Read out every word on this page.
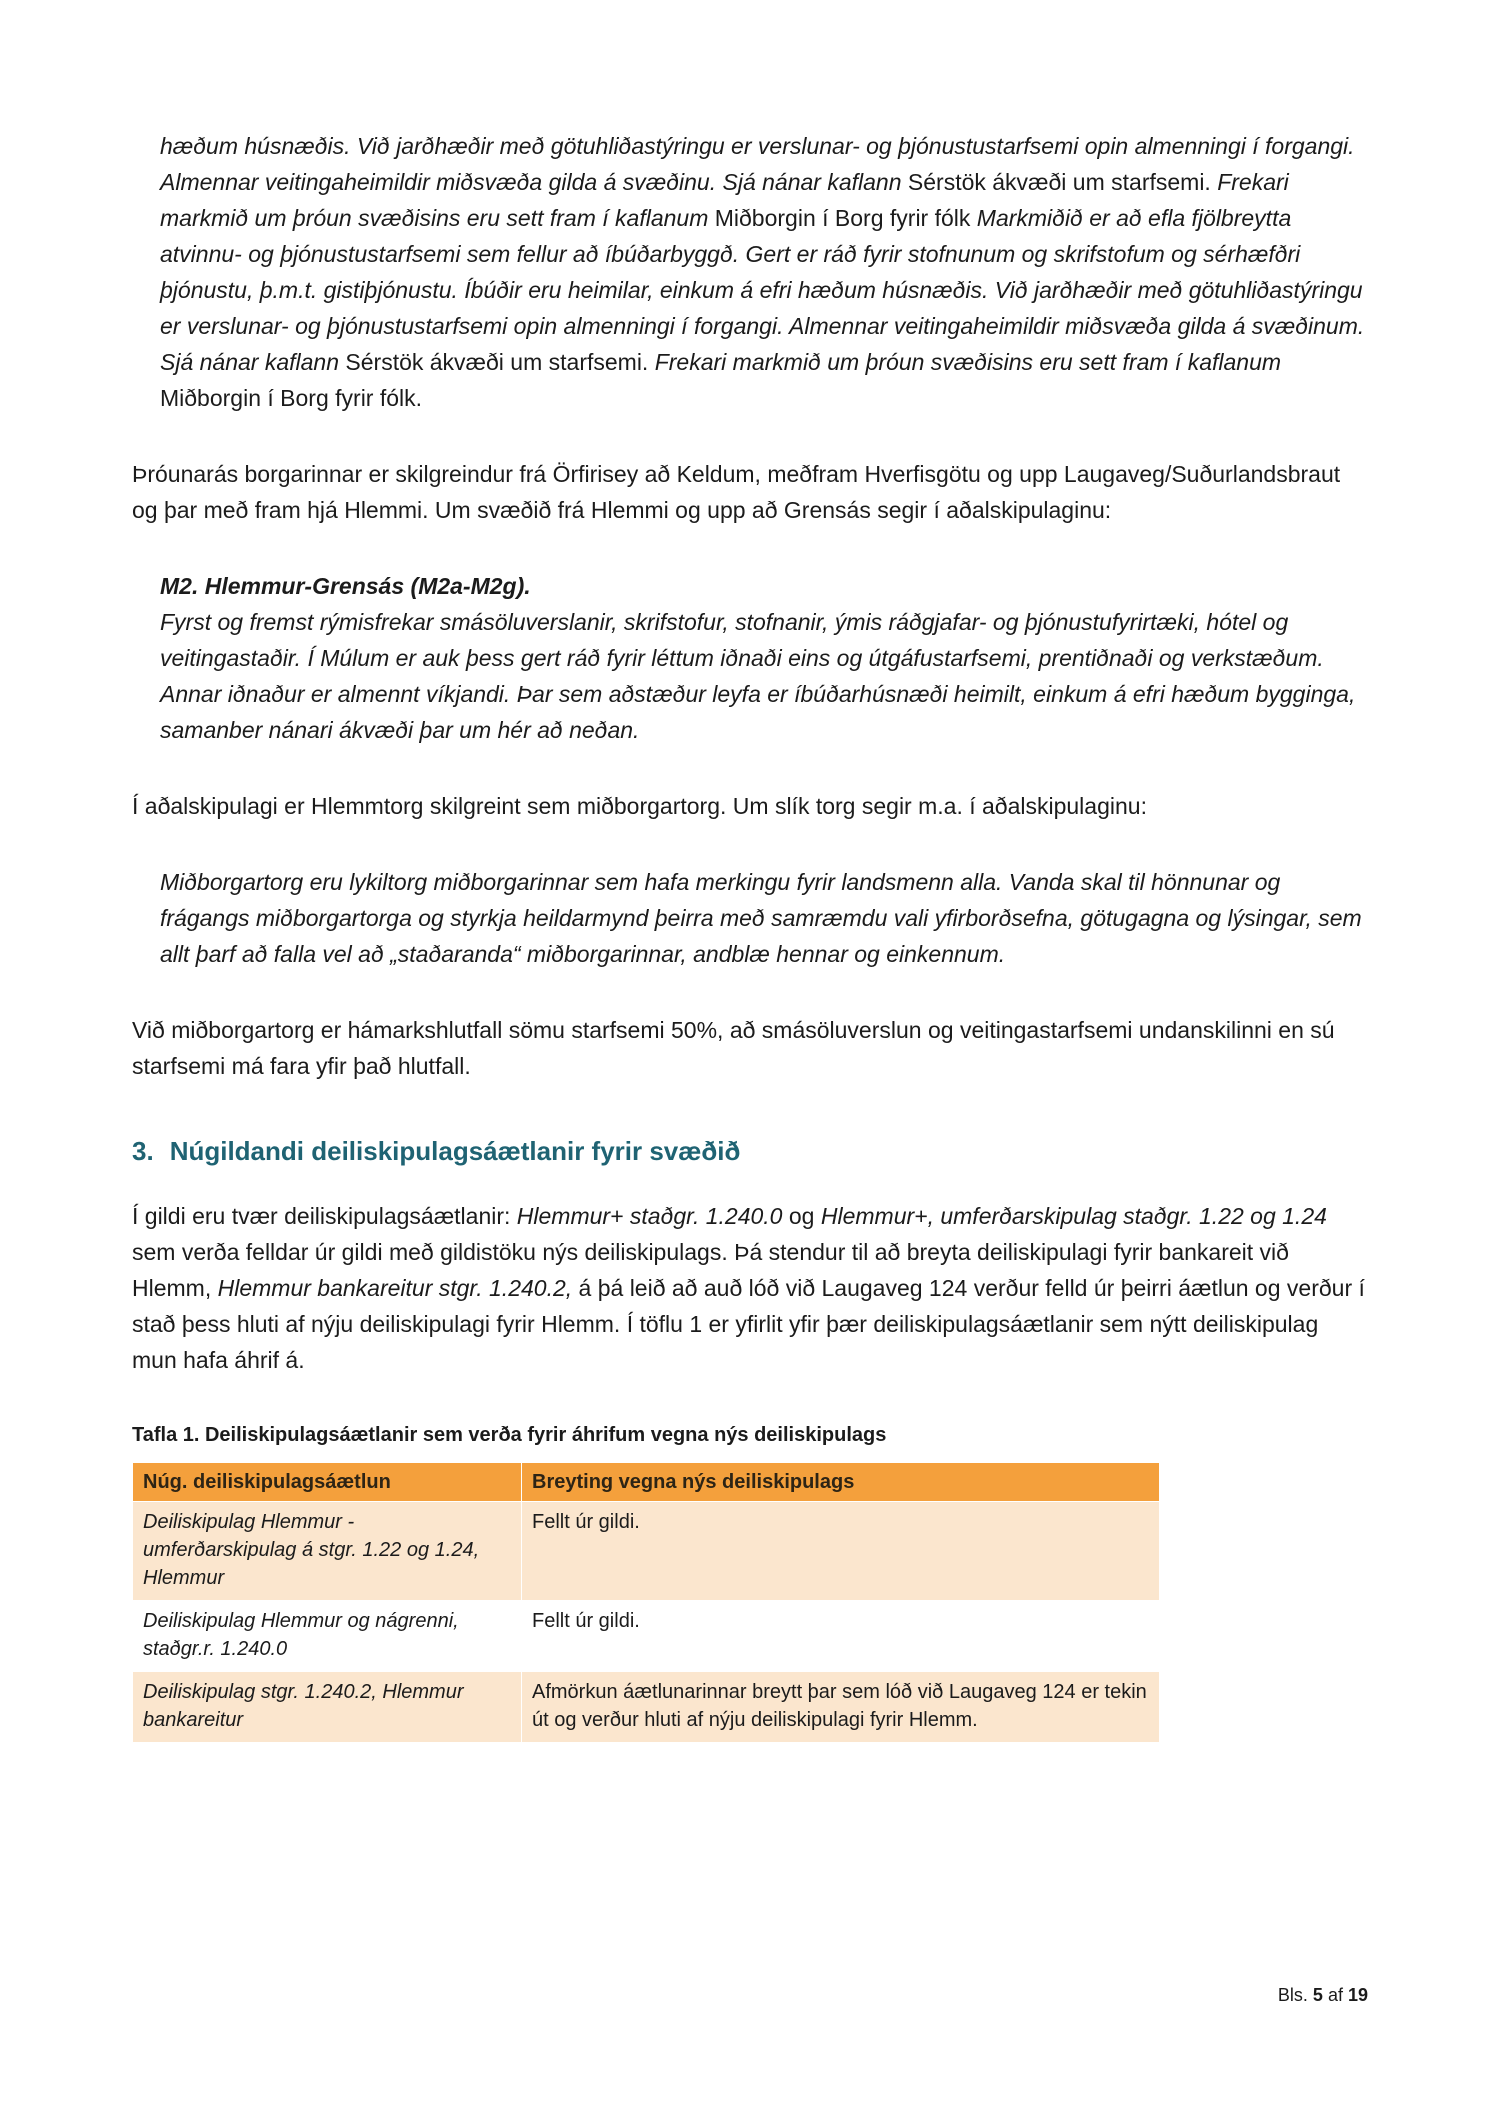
hæðum húsnæðis. Við jarðhæðir með götuhliðastýringu er verslunar- og þjónustustarfsemi opin almenningi í forgangi. Almennar veitingaheimildir miðsvæða gilda á svæðinu. Sjá nánar kaflann Sérstök ákvæði um starfsemi. Frekari markmið um þróun svæðisins eru sett fram í kaflanum Miðborgin í Borg fyrir fólk Markmiðið er að efla fjölbreytta atvinnu- og þjónustustarfsemi sem fellur að íbúðarbyggð. Gert er ráð fyrir stofnunum og skrifstofum og sérhæfðri þjónustu, þ.m.t. gistiþjónustu. Íbúðir eru heimilar, einkum á efri hæðum húsnæðis. Við jarðhæðir með götuhliðastýringu er verslunar- og þjónustustarfsemi opin almenningi í forgangi. Almennar veitingaheimildir miðsvæða gilda á svæðinum. Sjá nánar kaflann Sérstök ákvæði um starfsemi. Frekari markmið um þróun svæðisins eru sett fram í kaflanum Miðborgin í Borg fyrir fólk.

Þróunarás borgarinnar er skilgreindur frá Örfirisey að Keldum, meðfram Hverfisgötu og upp Laugaveg/Suðurlandsbraut og þar með fram hjá Hlemmi. Um svæðið frá Hlemmi og upp að Grensás segir í aðalskipulaginu:

M2. Hlemmur-Grensás (M2a-M2g).

Fyrst og fremst rýmisfrekar smásöluverslanir, skrifstofur, stofnanir, ýmis ráðgjafar- og þjónustufyrirtæki, hótel og veitingastaðir. Í Múlum er auk þess gert ráð fyrir léttum iðnaði eins og útgáfustarfsemi, prentiðnaði og verkstæðum. Annar iðnaður er almennt víkjandi. Þar sem aðstæður leyfa er íbúðarhúsnæði heimilt, einkum á efri hæðum bygginga, samanber nánari ákvæði þar um hér að neðan.

Í aðalskipulagi er Hlemmtorg skilgreint sem miðborgartorg. Um slík torg segir m.a. í aðalskipulaginu:

Miðborgartorg eru lykiltorg miðborgarinnar sem hafa merkingu fyrir landsmenn alla. Vanda skal til hönnunar og frágangs miðborgartorga og styrkja heildarmynd þeirra með samræmdu vali yfirborðsefna, götugagna og lýsingar, sem allt þarf að falla vel að „staðaranda“ miðborgarinnar, andblæ hennar og einkennum.

Við miðborgartorg er hámarkshlutfall sömu starfsemi 50%, að smásöluverslun og veitingastarfsemi undanskilinni en sú starfsemi má fara yfir það hlutfall.

3. Núgildandi deiliskipulagsáætlanir fyrir svæðið

Í gildi eru tvær deiliskipulagsáætlanir: Hlemmur+ staðgr. 1.240.0 og Hlemmur+, umferðarskipulag staðgr. 1.22 og 1.24 sem verða felldar úr gildi með gildistöku nýs deiliskipulags. Þá stendur til að breyta deiliskipulagi fyrir bankareit við Hlemm, Hlemmur bankareitur stgr. 1.240.2, á þá leið að auð lóð við Laugaveg 124 verður felld úr þeirri áætlun og verður í stað þess hluti af nýju deiliskipulagi fyrir Hlemm. Í töflu 1 er yfirlit yfir þær deiliskipulagsáætlanir sem nýtt deiliskipulag mun hafa áhrif á.

Tafla 1. Deiliskipulagsáætlanir sem verða fyrir áhrifum vegna nýs deiliskipulags
Núg. deiliskipulagsáætlun	Breyting vegna nýs deiliskipulags
Deiliskipulag Hlemmur - umferðarskipulag á stgr. 1.22 og 1.24, Hlemmur	Fellt úr gildi.
Deiliskipulag Hlemmur og nágrenni, staðgr.r. 1.240.0	Fellt úr gildi.
Deiliskipulag stgr. 1.240.2, Hlemmur bankareitur	Afmörkun áætlunarinnar breytt þar sem lóð við Laugaveg 124 er tekin út og verður hluti af nýju deiliskipulagi fyrir Hlemm.
Bls. 5 af 19
